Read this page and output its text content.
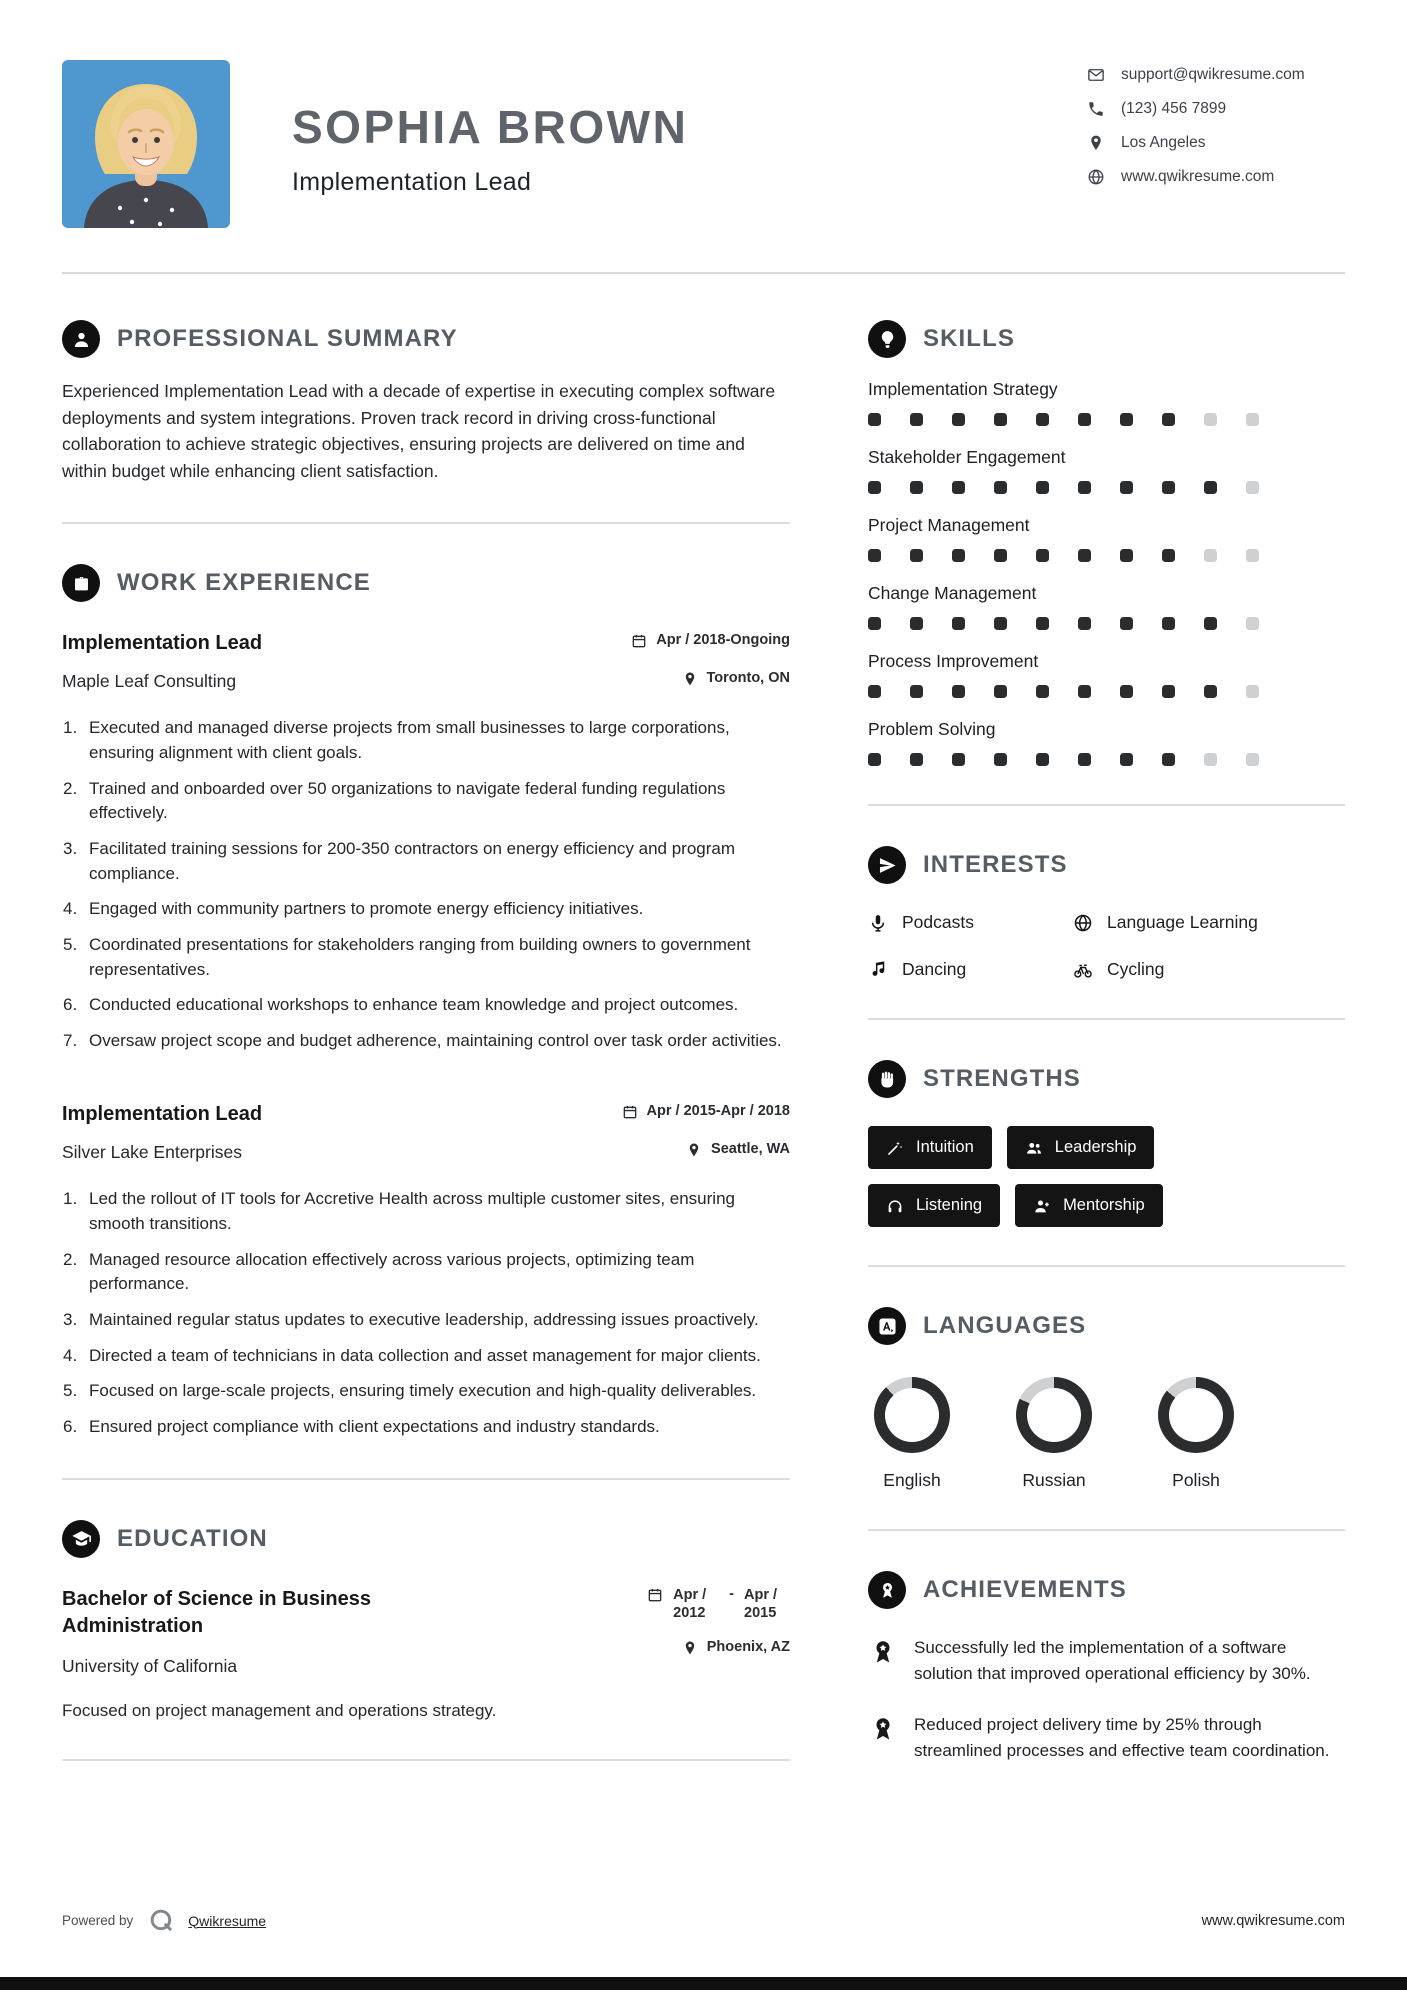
SOPHIA BROWN
Implementation Lead
support@qwikresume.com
(123) 456 7899
Los Angeles
www.qwikresume.com
PROFESSIONAL SUMMARY

Experienced Implementation Lead with a decade of expertise in executing complex software deployments and system integrations. Proven track record in driving cross-functional collaboration to achieve strategic objectives, ensuring projects are delivered on time and within budget while enhancing client satisfaction.

WORK EXPERIENCE
Implementation Lead	Apr / 2018-Ongoing
Maple Leaf Consulting	Toronto, ON
Executed and managed diverse projects from small businesses to large corporations, ensuring alignment with client goals.
Trained and onboarded over 50 organizations to navigate federal funding regulations effectively.
Facilitated training sessions for 200-350 contractors on energy efficiency and program compliance.
Engaged with community partners to promote energy efficiency initiatives.
Coordinated presentations for stakeholders ranging from building owners to government representatives.
Conducted educational workshops to enhance team knowledge and project outcomes.
Oversaw project scope and budget adherence, maintaining control over task order activities.
Implementation Lead	Apr / 2015-Apr / 2018
Silver Lake Enterprises	Seattle, WA
Led the rollout of IT tools for Accretive Health across multiple customer sites, ensuring smooth transitions.
Managed resource allocation effectively across various projects, optimizing team performance.
Maintained regular status updates to executive leadership, addressing issues proactively.
Directed a team of technicians in data collection and asset management for major clients.
Focused on large-scale projects, ensuring timely execution and high-quality deliverables.
Ensured project compliance with client expectations and industry standards.
EDUCATION
Bachelor of Science in Business Administration
University of California
Apr / 2012
- Apr / 2015
Phoenix, AZ

Focused on project management and operations strategy.

SKILLS
Implementation Strategy
Stakeholder Engagement
Project Management
Change Management
Process Improvement
Problem Solving
INTERESTS
Podcasts	Language Learning
Dancing	Cycling
STRENGTHS
Intuition	Leadership
Listening	Mentorship
LANGUAGES
English	Russian	Polish
ACHIEVEMENTS

Successfully led the implementation of a software solution that improved operational efficiency by 30%.

Reduced project delivery time by 25% through streamlined processes and effective team coordination.

Powered by	Qwikresume	www.qwikresume.com
